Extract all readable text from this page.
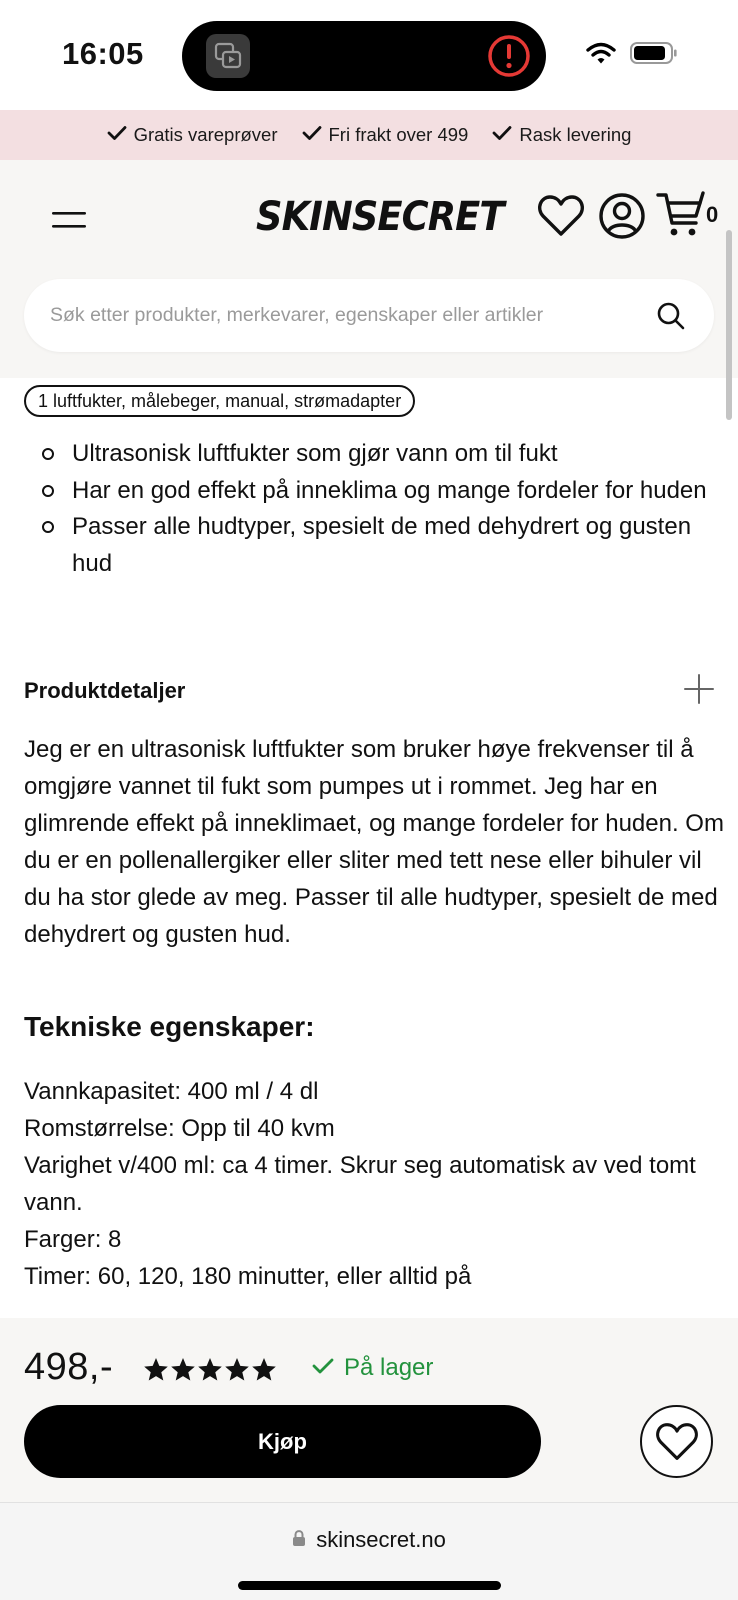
16:05
Gratis vareprøver	Fri frakt over 499	Rask levering
SKINSECRET	0
Søk etter produkter, merkevarer, egenskaper eller artikler
1 luftfukter, målebeger, manual, strømadapter
Ultrasonisk luftfukter som gjør vann om til fukt
Har en god effekt på inneklima og mange fordeler for huden
Passer alle hudtyper, spesielt de med dehydrert og gusten hud
Produktdetaljer

Jeg er en ultrasonisk luftfukter som bruker høye frekvenser til å omgjøre vannet til fukt som pumpes ut i rommet. Jeg har en glimrende effekt på inneklimaet, og mange fordeler for huden. Om du er en pollenallergiker eller sliter med tett nese eller bihuler vil du ha stor glede av meg. Passer til alle hudtyper, spesielt de med dehydrert og gusten hud.

Tekniske egenskaper:
Vannkapasitet: 400 ml / 4 dl
Romstørrelse: Opp til 40 kvm
Varighet v/400 ml: ca 4 timer. Skrur seg automatisk av ved tomt vann.
Farger: 8
Timer: 60, 120, 180 minutter, eller alltid på
498,-	På lager
Kjøp
skinsecret.no
